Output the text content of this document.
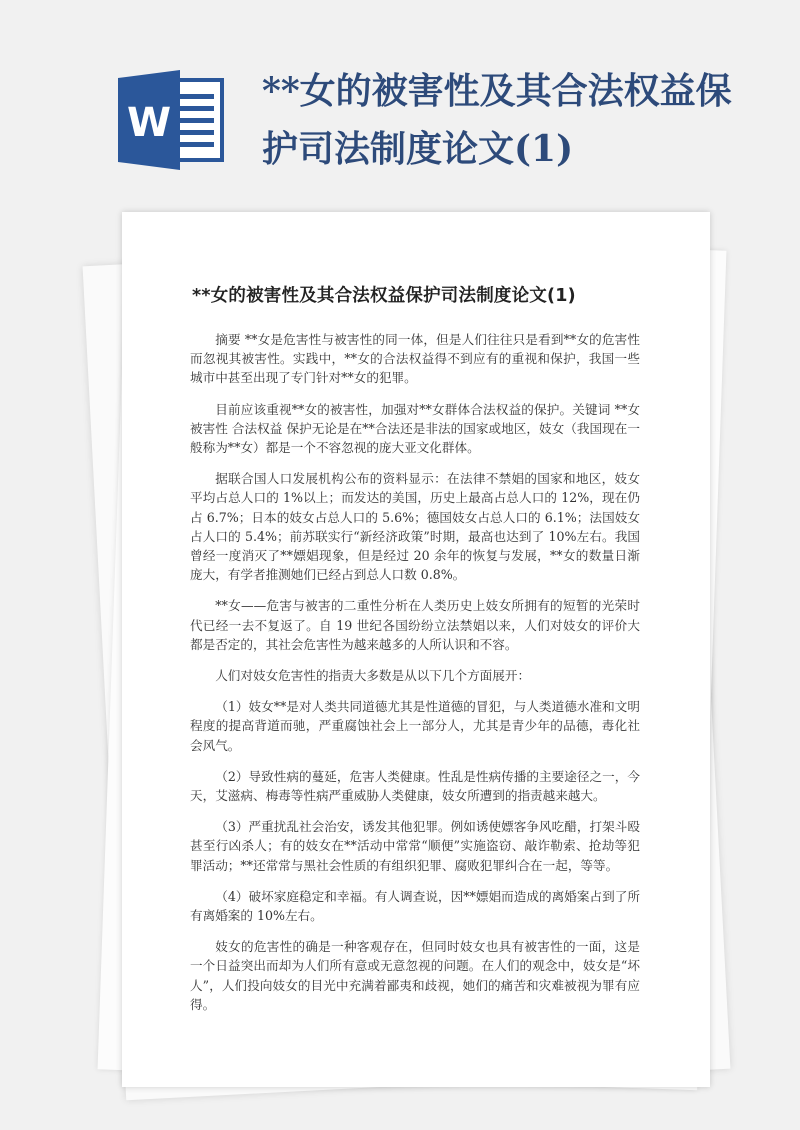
W
**女的被害性及其合法权益保护司法制度论文(1)
**女的被害性及其合法权益保护司法制度论文(1)

摘要 **女是危害性与被害性的同一体，但是人们往往只是看到**女的危害性而忽视其被害性。实践中，**女的合法权益得不到应有的重视和保护，我国一些城市中甚至出现了专门针对**女的犯罪。

目前应该重视**女的被害性，加强对**女群体合法权益的保护。关键词 **女 被害性 合法权益 保护无论是在**合法还是非法的国家或地区，妓女（我国现在一般称为**女）都是一个不容忽视的庞大亚文化群体。

据联合国人口发展机构公布的资料显示：在法律不禁娼的国家和地区，妓女平均占总人口的 1%以上；而发达的美国，历史上最高占总人口的 12%，现在仍占 6.7%；日本的妓女占总人口的 5.6%；德国妓女占总人口的 6.1%；法国妓女占人口的 5.4%；前苏联实行“新经济政策”时期，最高也达到了 10%左右。我国曾经一度消灭了**嫖娼现象，但是经过 20 余年的恢复与发展，**女的数量日渐庞大，有学者推测她们已经占到总人口数 0.8%。

**女——危害与被害的二重性分析在人类历史上妓女所拥有的短暂的光荣时代已经一去不复返了。自 19 世纪各国纷纷立法禁娼以来，人们对妓女的评价大都是否定的，其社会危害性为越来越多的人所认识和不容。

人们对妓女危害性的指责大多数是从以下几个方面展开：

（1）妓女**是对人类共同道德尤其是性道德的冒犯，与人类道德水准和文明程度的提高背道而驰，严重腐蚀社会上一部分人，尤其是青少年的品德，毒化社会风气。

（2）导致性病的蔓延，危害人类健康。性乱是性病传播的主要途径之一，今天，艾滋病、梅毒等性病严重威胁人类健康，妓女所遭到的指责越来越大。

（3）严重扰乱社会治安，诱发其他犯罪。例如诱使嫖客争风吃醋，打架斗殴甚至行凶杀人；有的妓女在**活动中常常“顺便”实施盗窃、敲诈勒索、抢劫等犯罪活动；**还常常与黑社会性质的有组织犯罪、腐败犯罪纠合在一起，等等。

（4）破坏家庭稳定和幸福。有人调查说，因**嫖娼而造成的离婚案占到了所有离婚案的 10%左右。

妓女的危害性的确是一种客观存在，但同时妓女也具有被害性的一面，这是一个日益突出而却为人们所有意或无意忽视的问题。在人们的观念中，妓女是“坏人”，人们投向妓女的目光中充满着鄙夷和歧视，她们的痛苦和灾难被视为罪有应得。
